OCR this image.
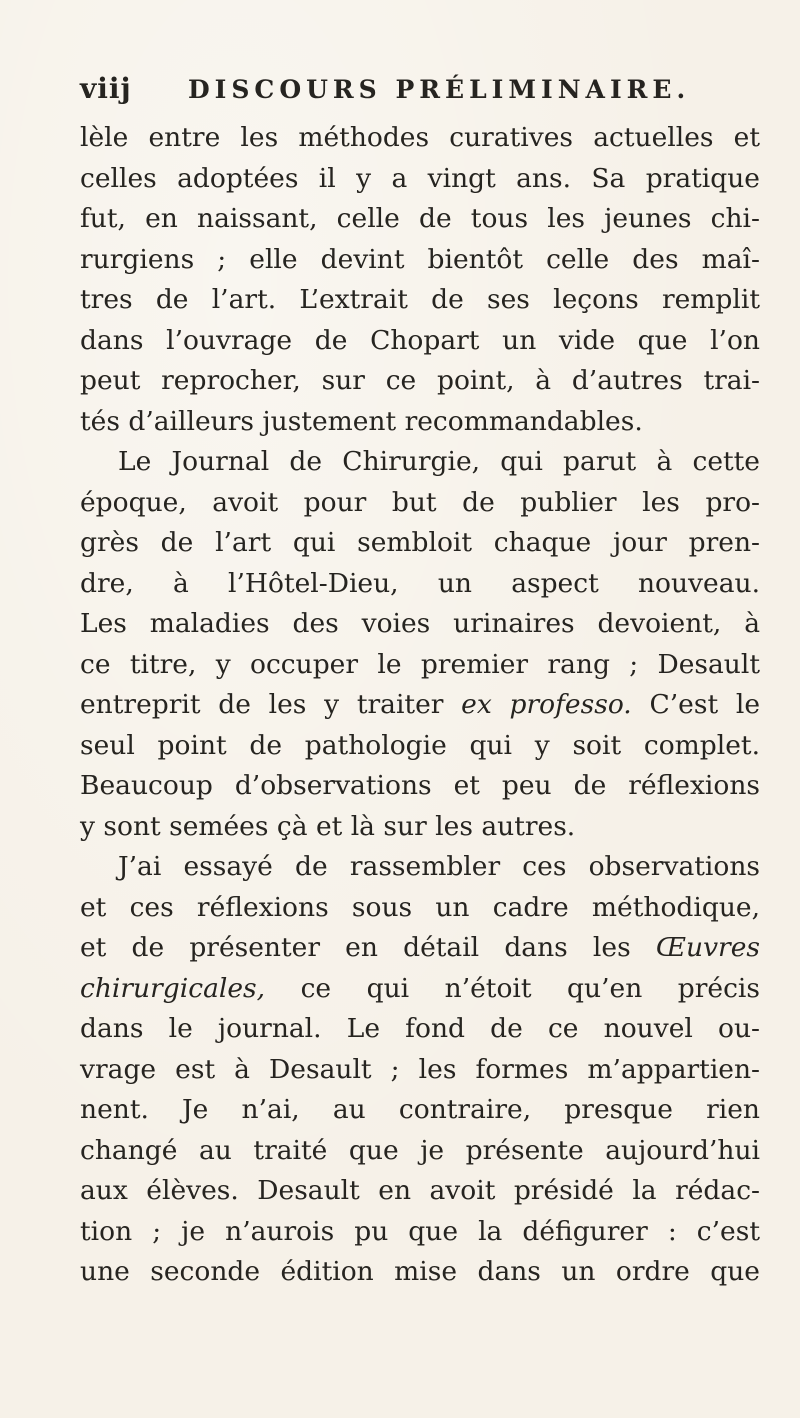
viij	DISCOURS PRÉLIMINAIRE.
lèle entre les méthodes curatives actuelles et
celles adoptées il y a vingt ans. Sa pratique
fut, en naissant, celle de tous les jeunes chi-
rurgiens ; elle devint bientôt celle des maî-
tres de l’art. L’extrait de ses leçons remplit
dans l’ouvrage de Chopart un vide que l’on
peut reprocher, sur ce point, à d’autres trai-
tés d’ailleurs justement recommandables.
Le Journal de Chirurgie, qui parut à cette
époque, avoit pour but de publier les pro-
grès de l’art qui sembloit chaque jour pren-
dre, à l’Hôtel-Dieu, un aspect nouveau.
Les maladies des voies urinaires devoient, à
ce titre, y occuper le premier rang ; Desault
entreprit de les y traiter ex professo. C’est le
seul point de pathologie qui y soit complet.
Beaucoup d’observations et peu de réflexions
y sont semées çà et là sur les autres.
J’ai essayé de rassembler ces observations
et ces réflexions sous un cadre méthodique,
et de présenter en détail dans les Œuvres
chirurgicales, ce qui n’étoit qu’en précis
dans le journal. Le fond de ce nouvel ou-
vrage est à Desault ; les formes m’appartien-
nent. Je n’ai, au contraire, presque rien
changé au traité que je présente aujourd’hui
aux élèves. Desault en avoit présidé la rédac-
tion ; je n’aurois pu que la défigurer : c’est
une seconde édition mise dans un ordre que
